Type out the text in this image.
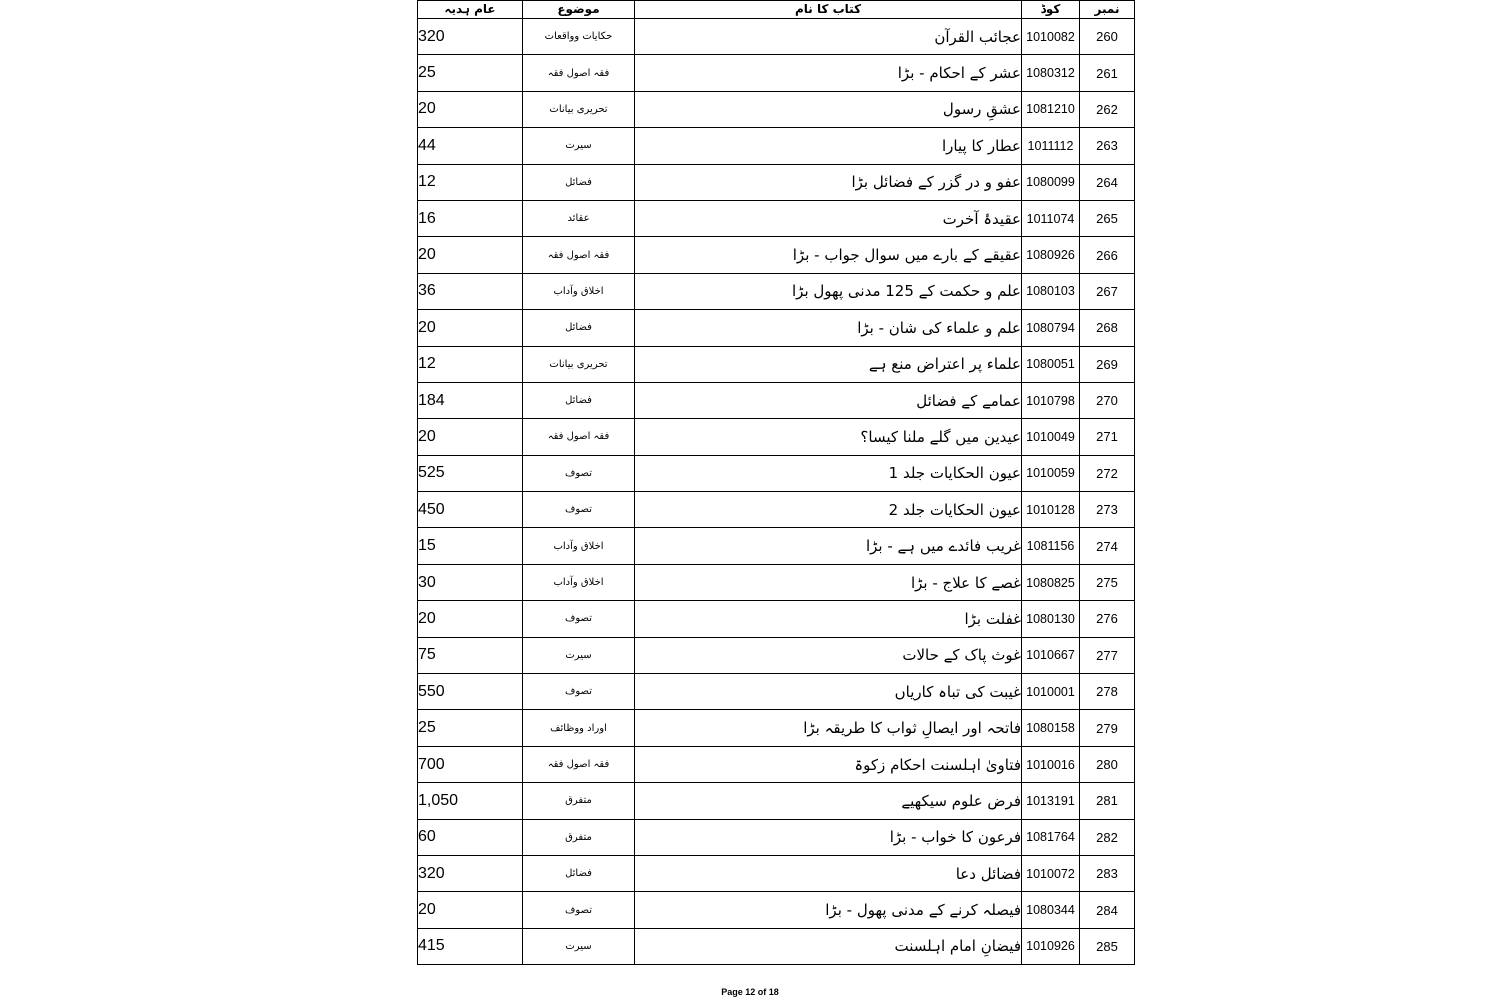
نمبر	کوڈ	کتاب کا نام	موضوع	عام ہدیہ
260	1010082	عجائب القرآن	حکایات وواقعات	320
261	1080312	عشر کے احکام - بڑا	فقہ اصول فقہ	25
262	1081210	عشقِ رسول	تحریری بیانات	20
263	1011112	عطار کا پیارا	سیرت	44
264	1080099	عفو و در گزر کے فضائل بڑا	فضائل	12
265	1011074	عقیدۂ آخرت	عقائد	16
266	1080926	عقیقے کے بارے میں سوال جواب - بڑا	فقہ اصول فقہ	20
267	1080103	علم و حکمت کے 125 مدنی پھول بڑا	اخلاق وآداب	36
268	1080794	علم و علماء کی شان - بڑا	فضائل	20
269	1080051	علماء پر اعتراض منع ہے	تحریری بیانات	12
270	1010798	عمامے کے فضائل	فضائل	184
271	1010049	عیدین میں گلے ملنا کیسا؟	فقہ اصول فقہ	20
272	1010059	عیون الحکایات جلد 1	تصوف	525
273	1010128	عیون الحکایات جلد 2	تصوف	450
274	1081156	غریب فائدے میں ہے - بڑا	اخلاق وآداب	15
275	1080825	غصے کا علاج - بڑا	اخلاق وآداب	30
276	1080130	غفلت بڑا	تصوف	20
277	1010667	غوث پاک کے حالات	سیرت	75
278	1010001	غیبت کی تباہ کاریاں	تصوف	550
279	1080158	فاتحہ اور ایصالِ ثواب کا طریقہ بڑا	اوراد ووظائف	25
280	1010016	فتاویٰ اہلسنت احکام زکوۃ	فقہ اصول فقہ	700
281	1013191	فرض علوم سیکھیے	متفرق	1,050
282	1081764	فرعون کا خواب - بڑا	متفرق	60
283	1010072	فضائل دعا	فضائل	320
284	1080344	فیصلہ کرنے کے مدنی پھول - بڑا	تصوف	20
285	1010926	فیضانِ امام اہلسنت	سیرت	415
Page 12 of 18
